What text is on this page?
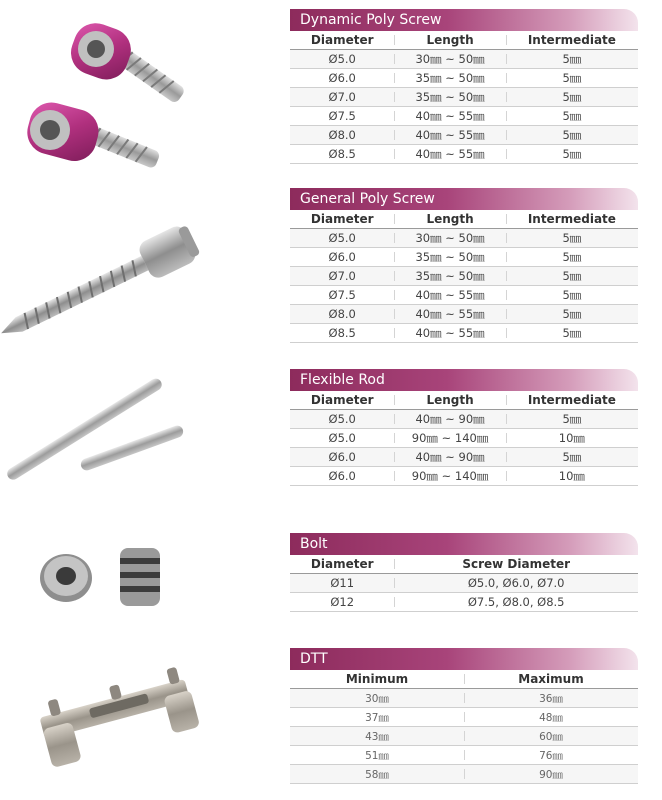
Dynamic Poly Screw
Diameter	Length	Intermediate
Ø5.0	30㎜ ~ 50㎜	5㎜
Ø6.0	35㎜ ~ 50㎜	5㎜
Ø7.0	35㎜ ~ 50㎜	5㎜
Ø7.5	40㎜ ~ 55㎜	5㎜
Ø8.0	40㎜ ~ 55㎜	5㎜
Ø8.5	40㎜ ~ 55㎜	5㎜
General Poly Screw
Diameter	Length	Intermediate
Ø5.0	30㎜ ~ 50㎜	5㎜
Ø6.0	35㎜ ~ 50㎜	5㎜
Ø7.0	35㎜ ~ 50㎜	5㎜
Ø7.5	40㎜ ~ 55㎜	5㎜
Ø8.0	40㎜ ~ 55㎜	5㎜
Ø8.5	40㎜ ~ 55㎜	5㎜
Flexible Rod
Diameter	Length	Intermediate
Ø5.0	40㎜ ~ 90㎜	5㎜
Ø5.0	90㎜ ~ 140㎜	10㎜
Ø6.0	40㎜ ~ 90㎜	5㎜
Ø6.0	90㎜ ~ 140㎜	10㎜
Bolt
Diameter	Screw Diameter
Ø11	Ø5.0, Ø6.0, Ø7.0
Ø12	Ø7.5, Ø8.0, Ø8.5
DTT
Minimum	Maximum
30㎜	36㎜
37㎜	48㎜
43㎜	60㎜
51㎜	76㎜
58㎜	90㎜
